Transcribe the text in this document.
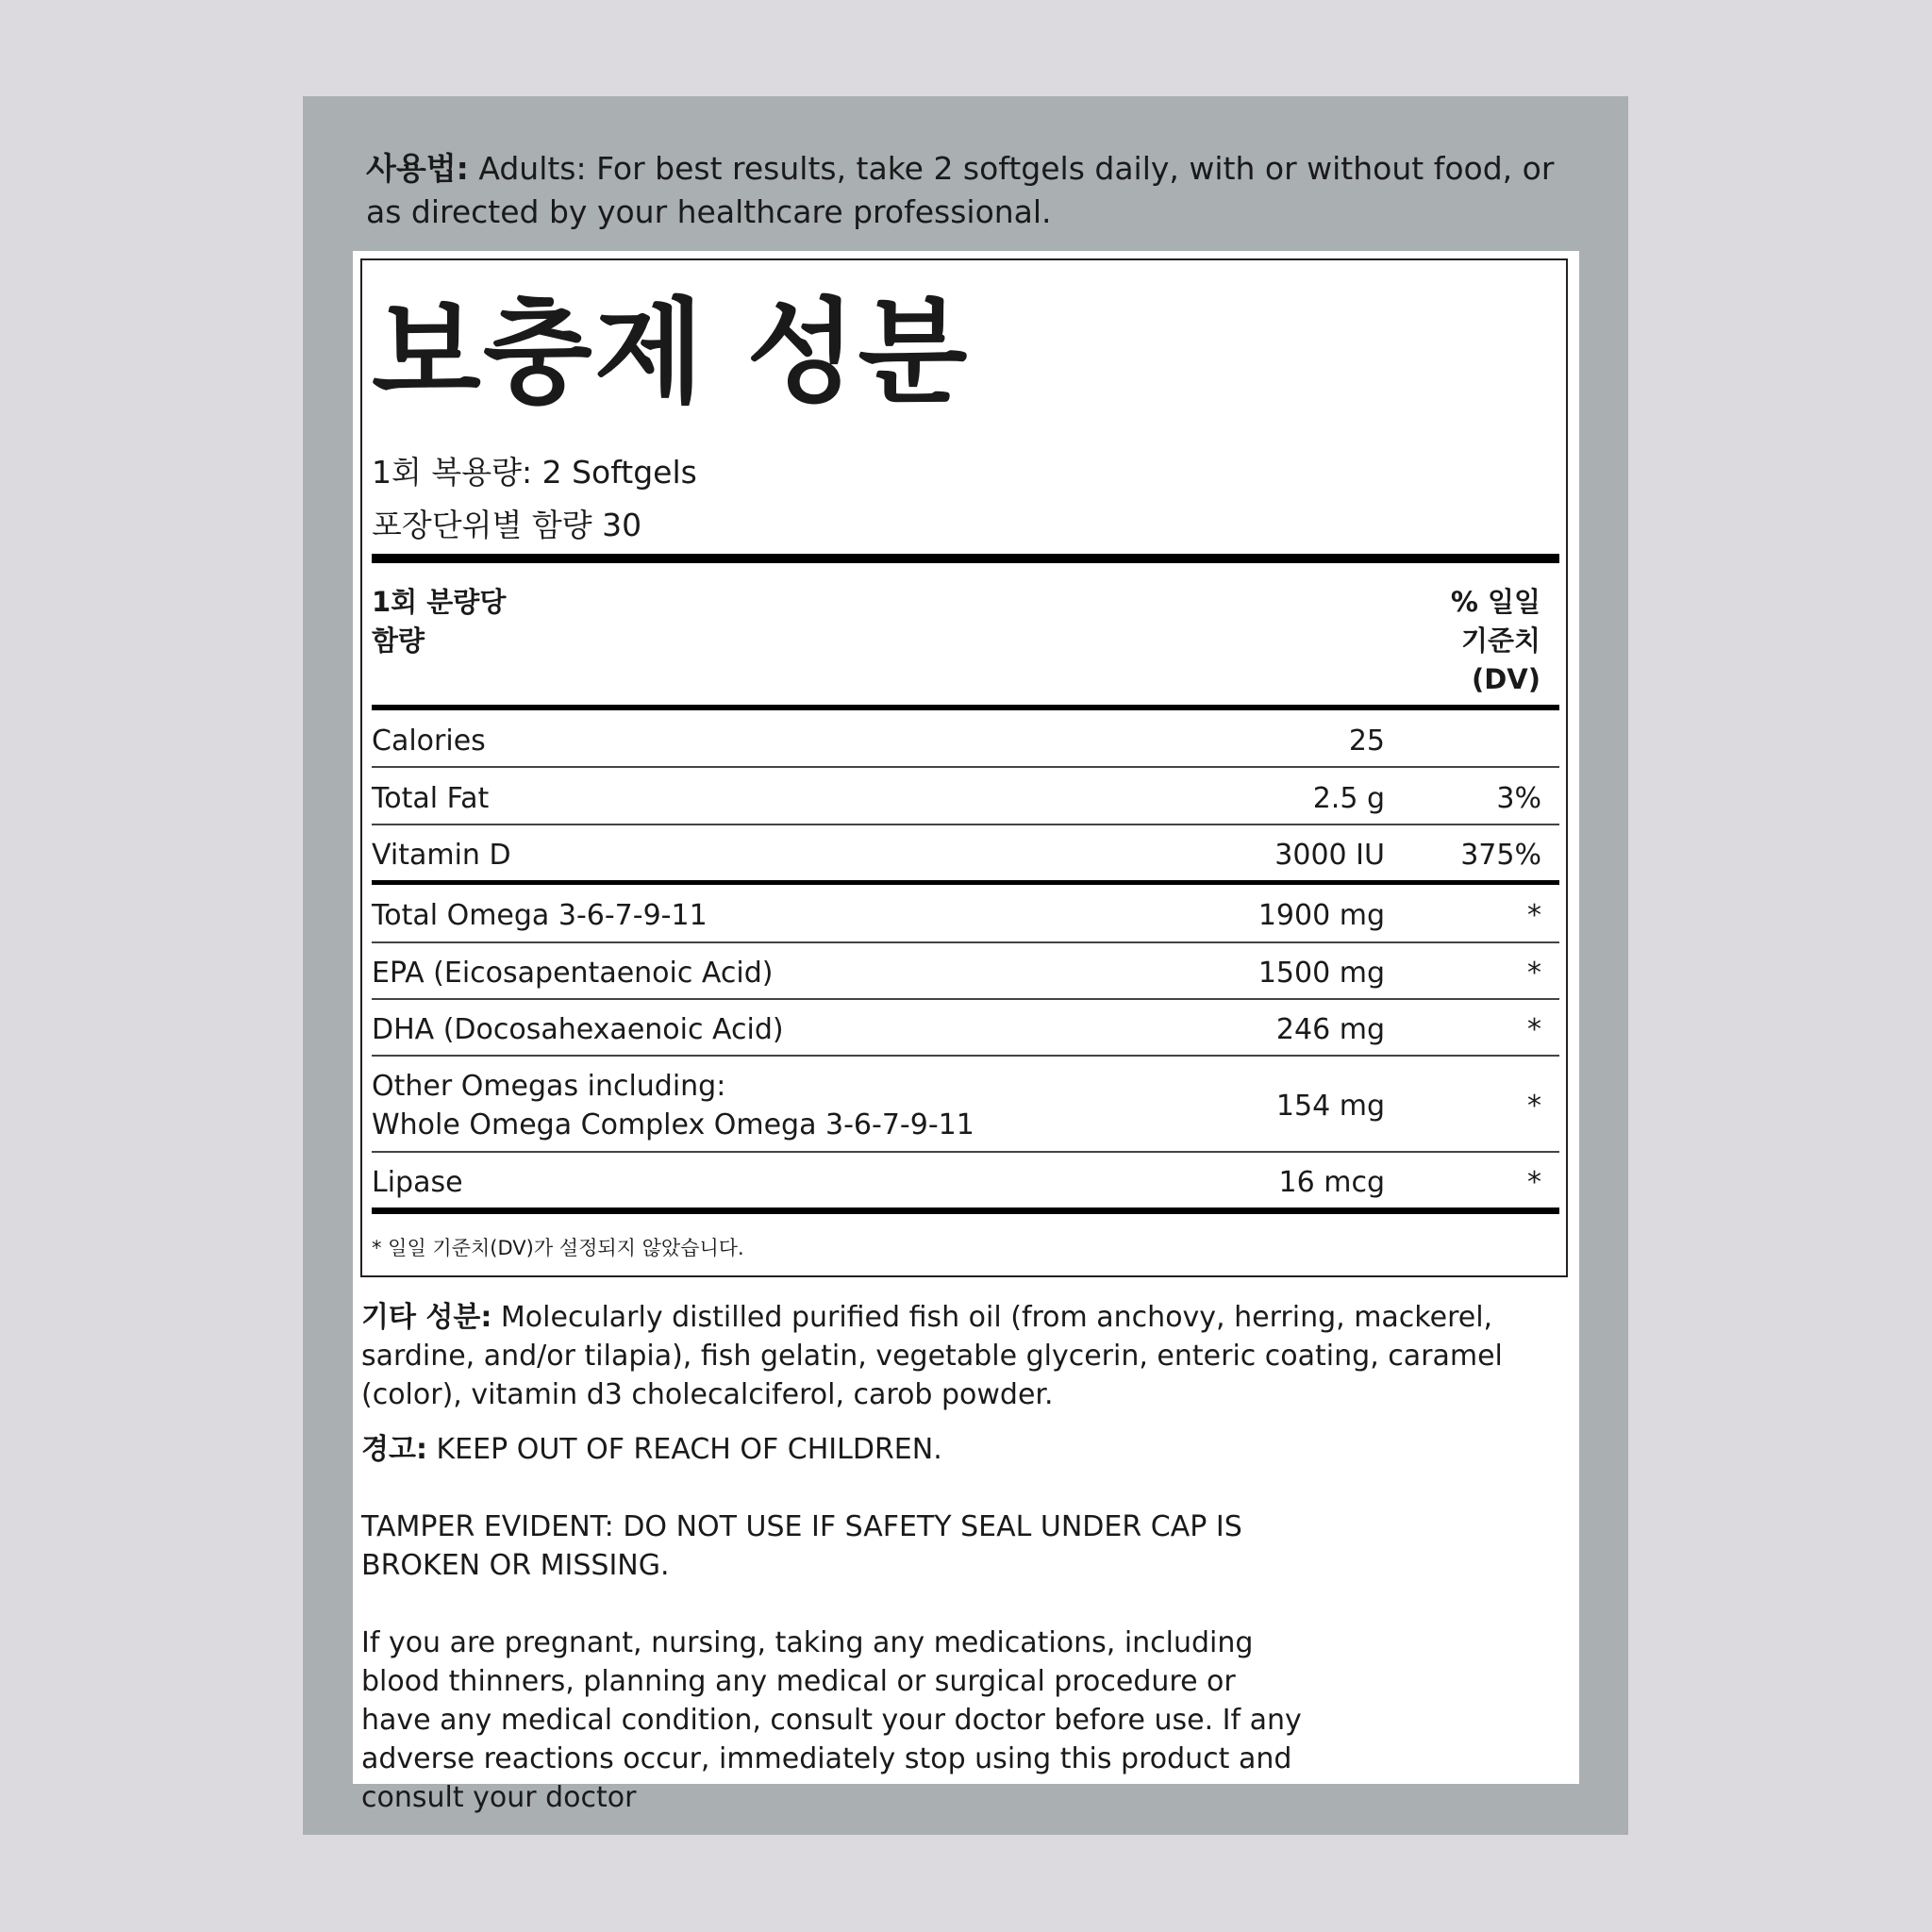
사용법: Adults: For best results, take 2 softgels daily, with or without food, or as directed by your healthcare professional.
보충제 성분
1회 복용량: 2 Softgels
포장단위별 함량 30
1회 분량당
함량
% 일일
기준치
(DV)
Calories	25
Total Fat	2.5 g	3%
Vitamin D	3000 IU	375%
Total Omega 3-6-7-9-11	1900 mg	*
EPA (Eicosapentaenoic Acid)	1500 mg	*
DHA (Docosahexaenoic Acid)	246 mg	*
Other Omegas including:
Whole Omega Complex Omega 3-6-7-9-11
154 mg	*
Lipase	16 mcg	*
* 일일 기준치(DV)가 설정되지 않았습니다.
기타 성분: Molecularly distilled purified fish oil (from anchovy, herring, mackerel, sardine, and/or tilapia), fish gelatin, vegetable glycerin, enteric coating, caramel (color), vitamin d3 cholecalciferol, carob powder.
경고: KEEP OUT OF REACH OF CHILDREN.
TAMPER EVIDENT: DO NOT USE IF SAFETY SEAL UNDER CAP IS BROKEN OR MISSING.
If you are pregnant, nursing, taking any medications, including blood thinners, planning any medical or surgical procedure or have any medical condition, consult your doctor before use. If any adverse reactions occur, immediately stop using this product and consult your doctor
